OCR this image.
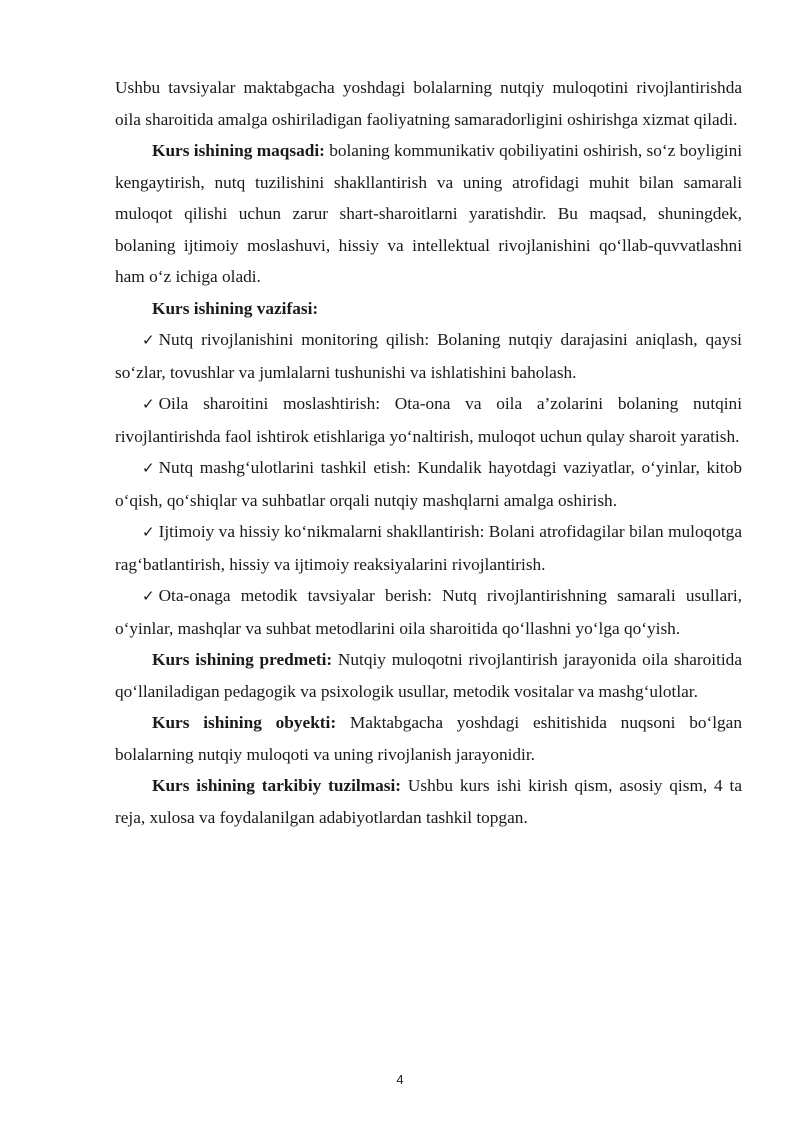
Ushbu tavsiyalar maktabgacha yoshdagi bolalarning nutqiy muloqotini rivojlantirishda oila sharoitida amalga oshiriladigan faoliyatning samaradorligini oshirishga xizmat qiladi.

Kurs ishining maqsadi: bolaning kommunikativ qobiliyatini oshirish, so‘z boyligini kengaytirish, nutq tuzilishini shakllantirish va uning atrofidagi muhit bilan samarali muloqot qilishi uchun zarur shart-sharoitlarni yaratishdir. Bu maqsad, shuningdek, bolaning ijtimoiy moslashuvi, hissiy va intellektual rivojlanishini qo‘llab-quvvatlashni ham o‘z ichiga oladi.

Kurs ishining vazifasi:

✓ Nutq rivojlanishini monitoring qilish: Bolaning nutqiy darajasini aniqlash, qaysi so‘zlar, tovushlar va jumlalarni tushunishi va ishlatishini baholash.

✓ Oila sharoitini moslashtirish: Ota-ona va oila a’zolarini bolaning nutqini rivojlantirishda faol ishtirok etishlariga yo‘naltirish, muloqot uchun qulay sharoit yaratish.

✓ Nutq mashg‘ulotlarini tashkil etish: Kundalik hayotdagi vaziyatlar, o‘yinlar, kitob o‘qish, qo‘shiqlar va suhbatlar orqali nutqiy mashqlarni amalga oshirish.

✓ Ijtimoiy va hissiy ko‘nikmalarni shakllantirish: Bolani atrofidagilar bilan muloqotga rag‘batlantirish, hissiy va ijtimoiy reaksiyalarini rivojlantirish.

✓ Ota-onaga metodik tavsiyalar berish: Nutq rivojlantirishning samarali usullari, o‘yinlar, mashqlar va suhbat metodlarini oila sharoitida qo‘llashni yo‘lga qo‘yish.

Kurs ishining predmeti: Nutqiy muloqotni rivojlantirish jarayonida oila sharoitida qo‘llaniladigan pedagogik va psixologik usullar, metodik vositalar va mashg‘ulotlar.

Kurs ishining obyekti: Maktabgacha yoshdagi eshitishida nuqsoni bo‘lgan bolalarning nutqiy muloqoti va uning rivojlanish jarayonidir.

Kurs ishining tarkibiy tuzilmasi: Ushbu kurs ishi kirish qism, asosiy qism, 4 ta reja, xulosa va foydalanilgan adabiyotlardan tashkil topgan.

4
